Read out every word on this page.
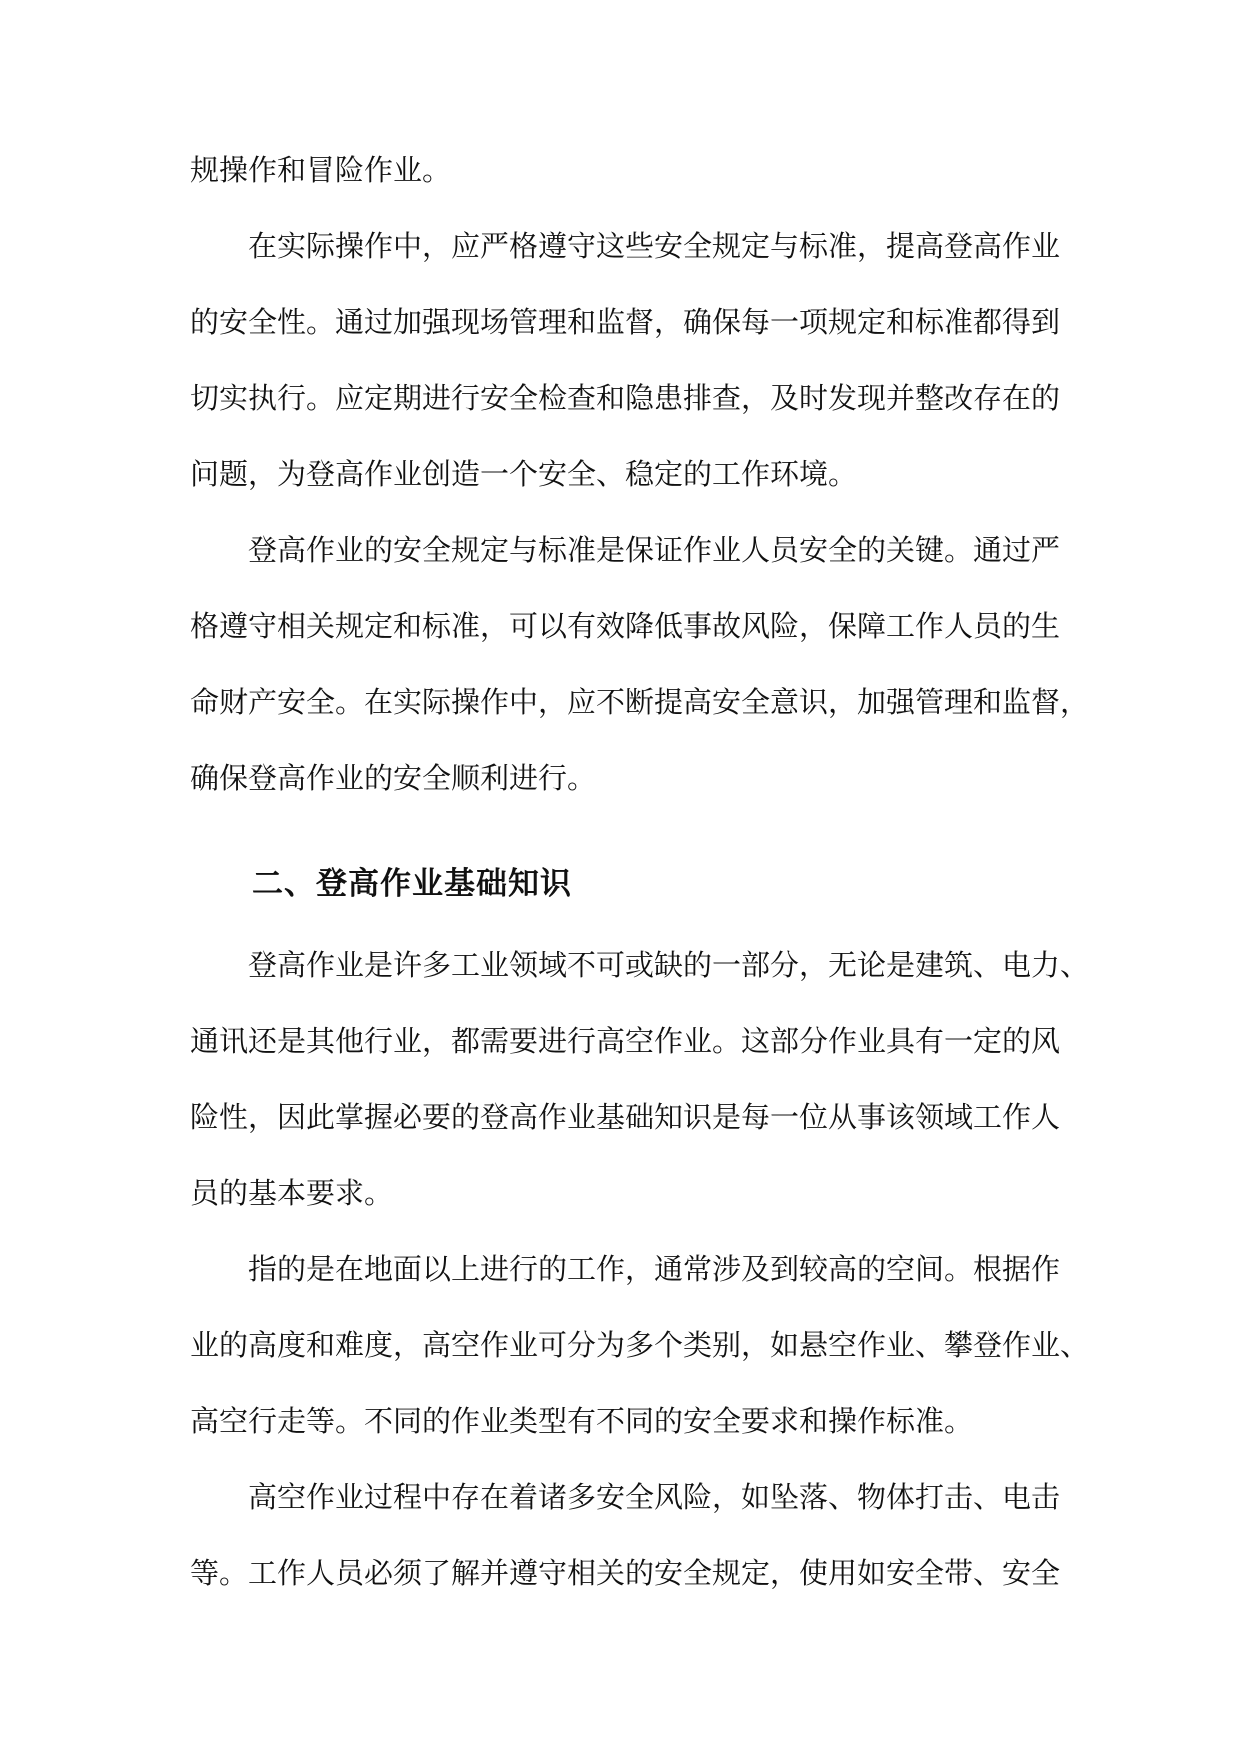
规操作和冒险作业。
在实际操作中，应严格遵守这些安全规定与标准，提高登高作业
的安全性。通过加强现场管理和监督，确保每一项规定和标准都得到
切实执行。应定期进行安全检查和隐患排查，及时发现并整改存在的
问题，为登高作业创造一个安全、稳定的工作环境。
登高作业的安全规定与标准是保证作业人员安全的关键。通过严
格遵守相关规定和标准，可以有效降低事故风险，保障工作人员的生
命财产安全。在实际操作中，应不断提高安全意识，加强管理和监督，
确保登高作业的安全顺利进行。
二、登高作业基础知识
登高作业是许多工业领域不可或缺的一部分，无论是建筑、电力、
通讯还是其他行业，都需要进行高空作业。这部分作业具有一定的风
险性，因此掌握必要的登高作业基础知识是每一位从事该领域工作人
员的基本要求。
指的是在地面以上进行的工作，通常涉及到较高的空间。根据作
业的高度和难度，高空作业可分为多个类别，如悬空作业、攀登作业、
高空行走等。不同的作业类型有不同的安全要求和操作标准。
高空作业过程中存在着诸多安全风险，如坠落、物体打击、电击
等。工作人员必须了解并遵守相关的安全规定，使用如安全带、安全
